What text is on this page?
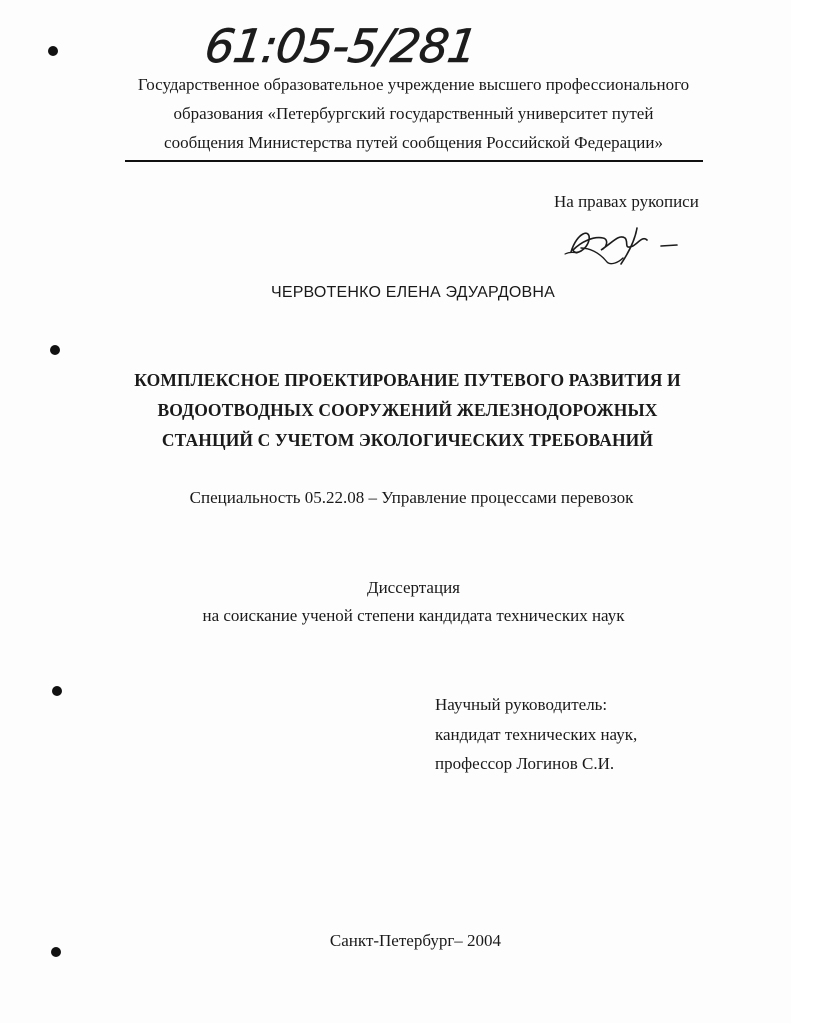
61:05-5/281
Государственное образовательное учреждение высшего профессионального
образования «Петербургский государственный университет путей
сообщения Министерства путей сообщения Российской Федерации»
На правах рукописи
ЧЕРВОТЕНКО ЕЛЕНА ЭДУАРДОВНА
КОМПЛЕКСНОЕ ПРОЕКТИРОВАНИЕ ПУТЕВОГО РАЗВИТИЯ И
ВОДООТВОДНЫХ СООРУЖЕНИЙ ЖЕЛЕЗНОДОРОЖНЫХ
СТАНЦИЙ С УЧЕТОМ ЭКОЛОГИЧЕСКИХ ТРЕБОВАНИЙ
Специальность 05.22.08 – Управление процессами перевозок
Диссертация
на соискание ученой степени кандидата технических наук
Научный руководитель:
кандидат технических наук,
профессор Логинов С.И.
Санкт-Петербург– 2004
